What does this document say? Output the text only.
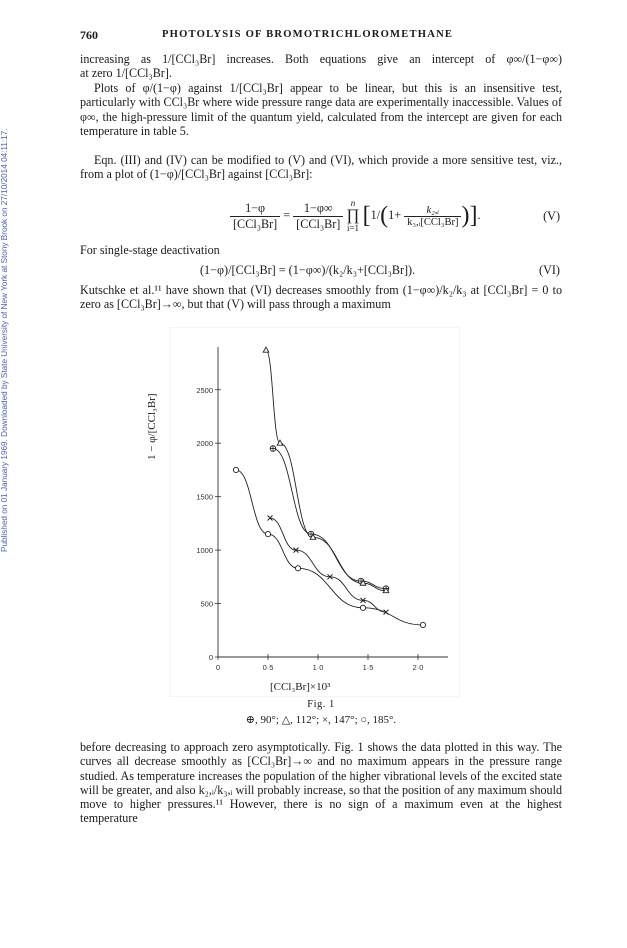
Published on 01 January 1969. Downloaded by State University of New York at Stony Brook on 27/10/2014 04:11:17.
760	PHOTOLYSIS OF BROMOTRICHLOROMETHANE

increasing as 1/[CCl₃Br] increases. Both equations give an intercept of φ∞/(1−φ∞)

at zero 1/[CCl₃Br].

Plots of φ/(1−φ) against 1/[CCl₃Br] appear to be linear, but this is an insensitive test, particularly with CCl₃Br where wide pressure range data are experimentally inaccessible. Values of φ∞, the high-pressure limit of the quantum yield, calculated from the intercept are given for each temperature in table 5.

Eqn. (III) and (IV) can be modified to (V) and (VI), which provide a more sensitive test, viz., from a plot of (1−φ)/[CCl₃Br] against [CCl₃Br]:

$\frac{1-\varphi}{\text{[CCl₃Br]}} = \frac{1-\varphi\infty}{\text{[CCl₃Br]}}$
n
∏
i=1 [$1/(1+ \frac{\text{k₂,ᵢ}}{\text{k₃,ᵢ[CCl₃Br]}}$ )].	(V)
For single-stage deactivation
(1−φ)/[CCl₃Br] = (1−φ∞)/(k₂/k₃+[CCl₃Br]).	(VI)

Kutschke et al.¹¹ have shown that (VI) decreases smoothly from (1−φ∞)/k₂/k₃ at [CCl₃Br] = 0 to zero as [CCl₃Br]→∞, but that (V) will pass through a maximum

0
500
1000
1500
2000
2500
0	0·5	1·0	1·5	2·0
1 − φ/[CCl₃Br]
[CCl₃Br]×10³
Fig. 1
⊕, 90°; △, 112°; ×, 147°; ○, 185°.

before decreasing to approach zero asymptotically. Fig. 1 shows the data plotted in this way. The curves all decrease smoothly as [CCl₃Br]→∞ and no maximum appears in the pressure range studied. As temperature increases the population of the higher vibrational levels of the excited state will be greater, and also k₂,ᵢ/k₃,ᵢ will probably increase, so that the position of any maximum should move to higher pressures.¹¹ However, there is no sign of a maximum even at the highest temperature
